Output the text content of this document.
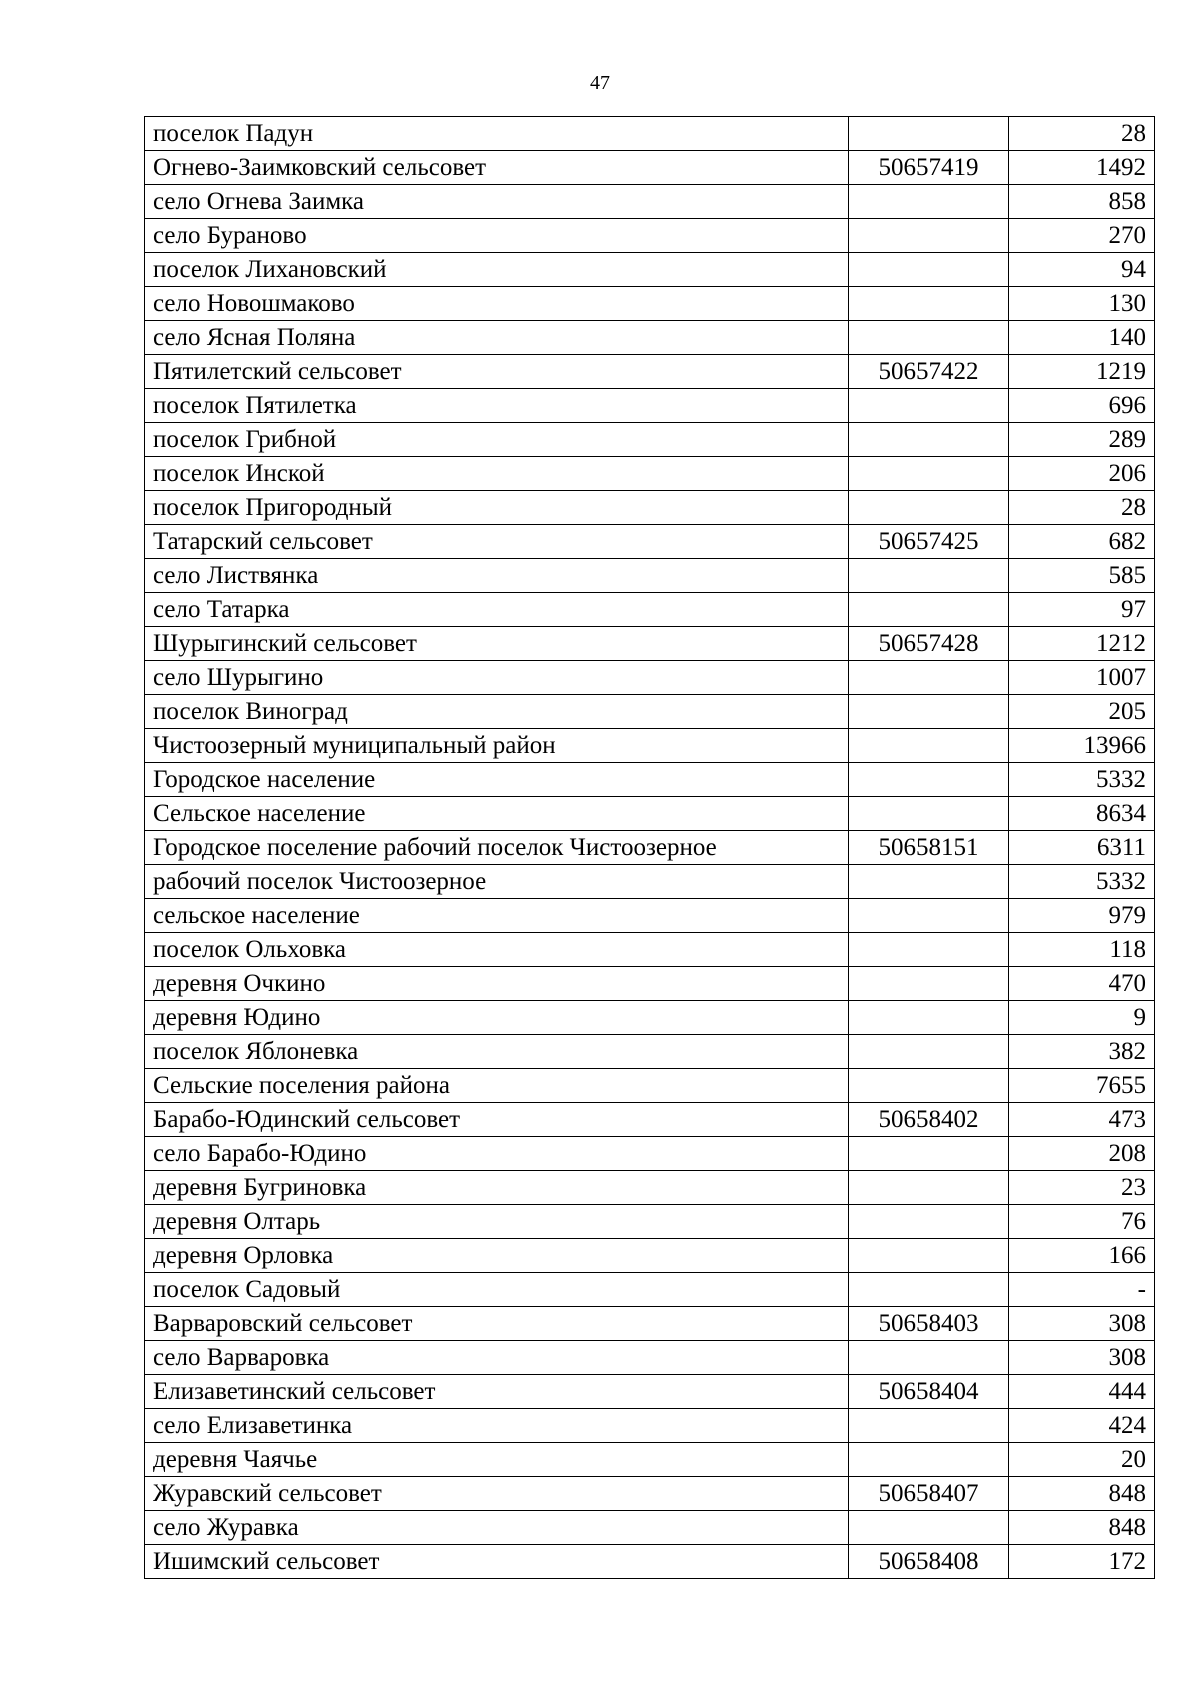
47
поселок Падун		28
Огнево-Заимковский сельсовет	50657419	1492
село Огнева Заимка		858
село Бураново		270
поселок Лихановский		94
село Новошмаково		130
село Ясная Поляна		140
Пятилетский сельсовет	50657422	1219
поселок Пятилетка		696
поселок Грибной		289
поселок Инской		206
поселок Пригородный		28
Татарский сельсовет	50657425	682
село Листвянка		585
село Татарка		97
Шурыгинский сельсовет	50657428	1212
село Шурыгино		1007
поселок Виноград		205
Чистоозерный муниципальный район		13966
Городское население		5332
Сельское население		8634
Городское поселение рабочий поселок Чистоозерное	50658151	6311
рабочий поселок Чистоозерное		5332
сельское население		979
поселок Ольховка		118
деревня Очкино		470
деревня Юдино		9
поселок Яблоневка		382
Сельские поселения района		7655
Барабо-Юдинский сельсовет	50658402	473
село Барабо-Юдино		208
деревня Бугриновка		23
деревня Олтарь		76
деревня Орловка		166
поселок Садовый		-
Варваровский сельсовет	50658403	308
село Варваровка		308
Елизаветинский сельсовет	50658404	444
село Елизаветинка		424
деревня Чаячье		20
Журавский сельсовет	50658407	848
село Журавка		848
Ишимский сельсовет	50658408	172
